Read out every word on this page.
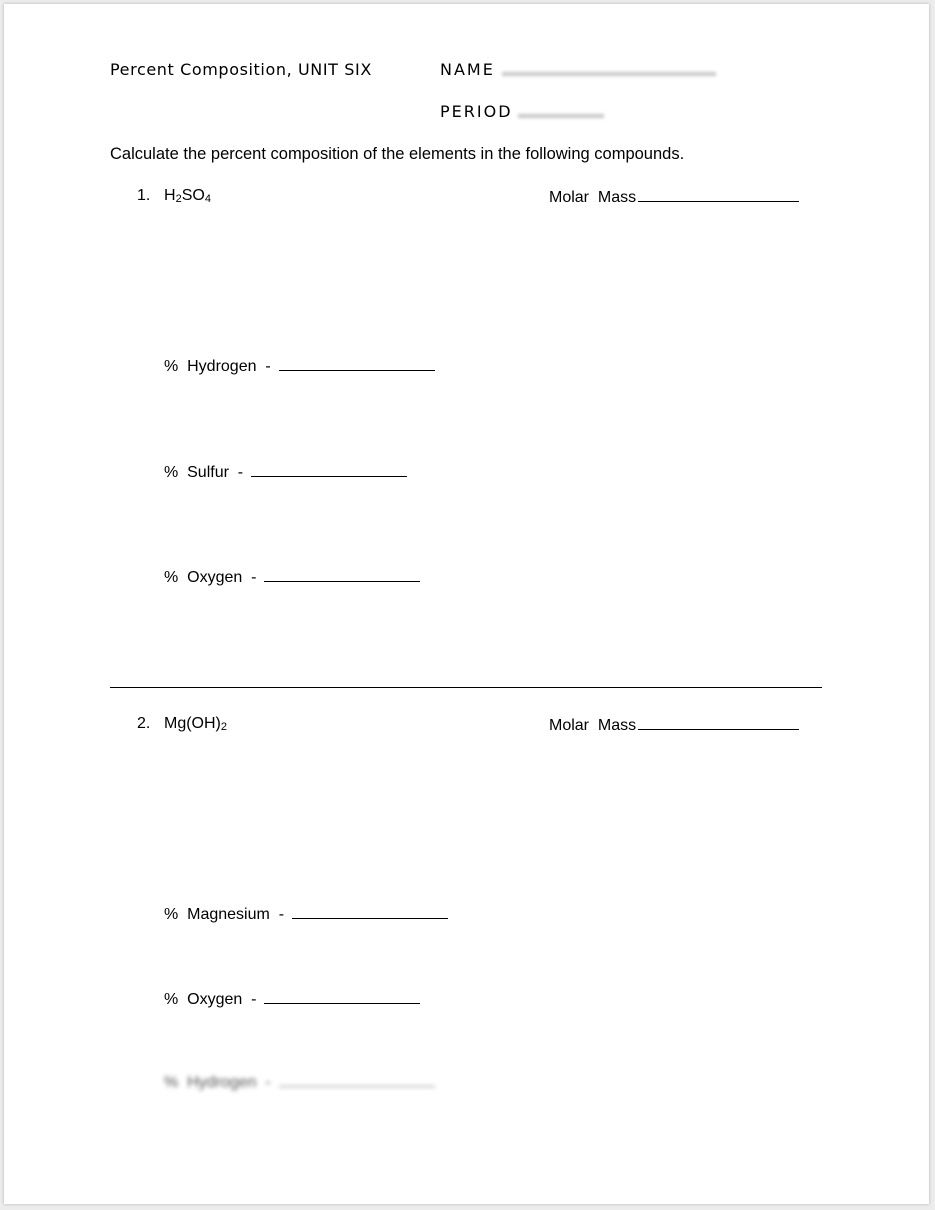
Percent Composition, UNIT SIX	NAME
PERIOD
Calculate the percent composition of the elements in the following compounds.
1. $H_2SO_4$	Molar  Mass
%  Hydrogen  -
%  Sulfur  -
%  Oxygen  -
2. $Mg(OH)_2$	Molar  Mass
%  Magnesium  -
%  Oxygen  -
%  Hydrogen  -
